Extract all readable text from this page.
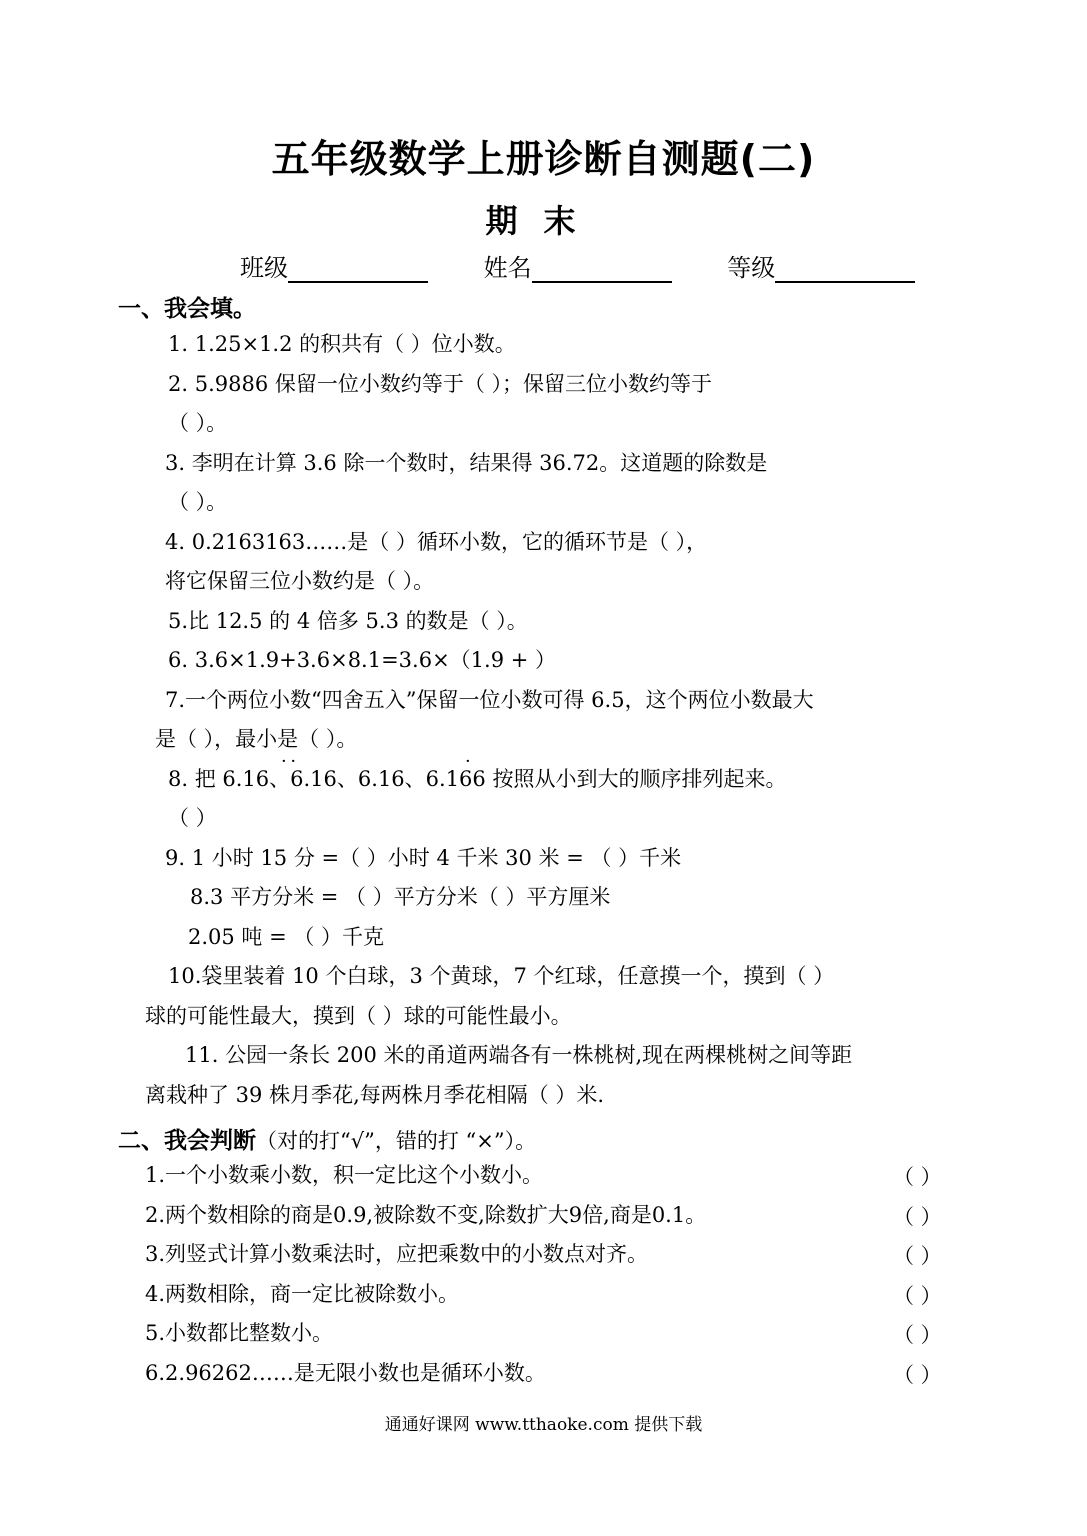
五年级数学上册诊断自测题(二)
期末
班级	姓名	等级
一、我会填。
1. 1.25×1.2 的积共有（ ）位小数。
2. 5.9886 保留一位小数约等于（ ）；保留三位小数约等于
（ ）。
3. 李明在计算 3.6 除一个数时，结果得 36.72。这道题的除数是
（ ）。
4. 0.2163163……是（ ）循环小数，它的循环节是（ ），
将它保留三位小数约是（ ）。
5.比 12.5 的 4 倍多 5.3 的数是（ ）。
6. 3.6×1.9+3.6×8.1=3.6×（1.9 + ）
7.一个两位小数“四舍五入”保留一位小数可得 6.5，这个两位小数最大
是（ ），最小是（ ）。
· ·	·
8. 把 6.16、6.16、6.16、6.166 按照从小到大的顺序排列起来。
（ ）
9. 1 小时 15 分 =（ ）小时 4 千米 30 米 = （ ）千米
8.3 平方分米 = （ ）平方分米（ ）平方厘米
2.05 吨 = （ ）千克
10.袋里装着 10 个白球，3 个黄球，7 个红球，任意摸一个，摸到（ ）
球的可能性最大，摸到（ ）球的可能性最小。
11. 公园一条长 200 米的甬道两端各有一株桃树,现在两棵桃树之间等距
离栽种了 39 株月季花,每两株月季花相隔（ ）米.
二、我会判断（对的打“√”，错的打 “×”）。
1.一个小数乘小数，积一定比这个小数小。	（ ）
2.两个数相除的商是0.9,被除数不变,除数扩大9倍,商是0.1。	（ ）
3.列竖式计算小数乘法时，应把乘数中的小数点对齐。	（ ）
4.两数相除，商一定比被除数小。	（ ）
5.小数都比整数小。	（ ）
6.2.96262……是无限小数也是循环小数。	（ ）
通通好课网 www.tthaoke.com 提供下载
